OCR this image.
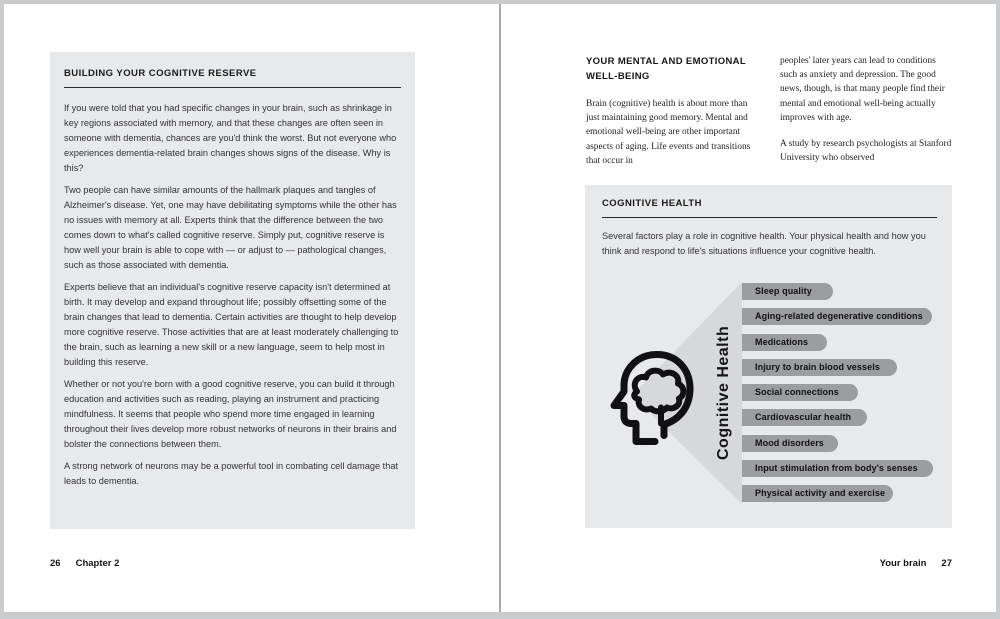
BUILDING YOUR COGNITIVE RESERVE

If you were told that you had specific changes in your brain, such as shrinkage in key regions associated with memory, and that these changes are often seen in someone with dementia, chances are you'd think the worst. But not everyone who experiences dementia-related brain changes shows signs of the disease. Why is this?

Two people can have similar amounts of the hallmark plaques and tangles of Alzheimer's disease. Yet, one may have debilitating symptoms while the other has no issues with memory at all. Experts think that the difference between the two comes down to what's called cognitive reserve. Simply put, cognitive reserve is how well your brain is able to cope with — or adjust to — pathological changes, such as those associated with dementia.

Experts believe that an individual's cognitive reserve capacity isn't determined at birth. It may develop and expand throughout life; possibly offsetting some of the brain changes that lead to dementia. Certain activities are thought to help develop more cognitive reserve. Those activities that are at least moderately challenging to the brain, such as learning a new skill or a new language, seem to help most in building this reserve.

Whether or not you're born with a good cognitive reserve, you can build it through education and activities such as reading, playing an instrument and practicing mindfulness. It seems that people who spend more time engaged in learning throughout their lives develop more robust networks of neurons in their brains and bolster the connections between them.

A strong network of neurons may be a powerful tool in combating cell damage that leads to dementia.

26 Chapter 2
YOUR MENTAL AND EMOTIONAL WELL-BEING

Brain (cognitive) health is about more than just maintaining good memory. Mental and emotional well-being are other important aspects of aging. Life events and transitions that occur in

peoples' later years can lead to conditions such as anxiety and depression. The good news, though, is that many people find their mental and emotional well-being actually improves with age.

A study by research psychologists at Stanford University who observed

COGNITIVE HEALTH

Several factors play a role in cognitive health. Your physical health and how you think and respond to life's situations influence your cognitive health.

Cognitive Health
Sleep quality
Aging-related degenerative conditions
Medications
Injury to brain blood vessels
Social connections
Cardiovascular health
Mood disorders
Input stimulation from body's senses
Physical activity and exercise
Your brain 27
